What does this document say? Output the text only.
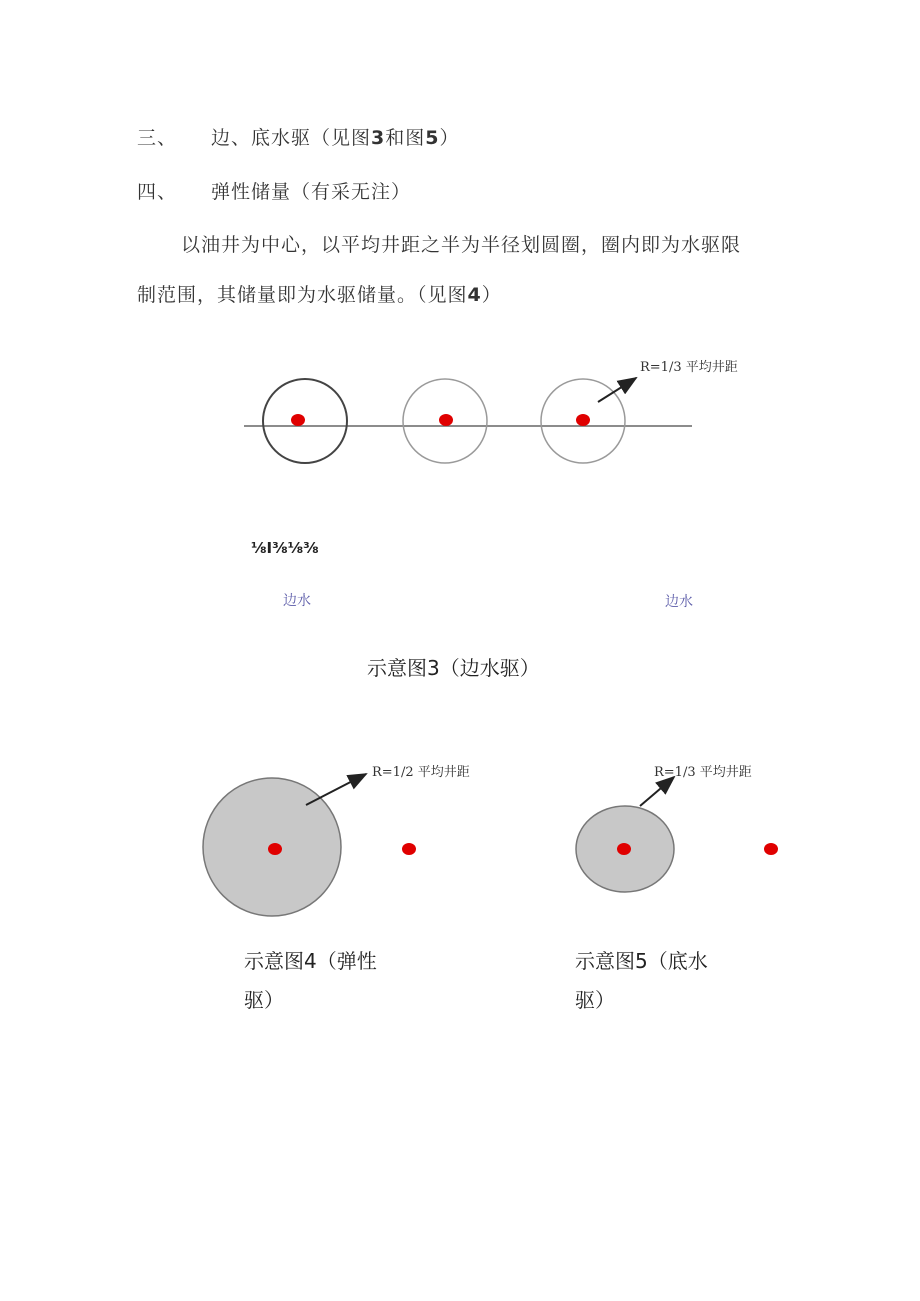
三、 边、底水驱（见图3和图5）
四、 弹性储量（有采无注）
以油井为中心，以平均井距之半为半径划圆圈，圈内即为水驱限
制范围，其储量即为水驱储量。（见图4）
R=1/3 平均井距
R=1/2 平均井距	R=1/3 平均井距
⅛Ι⅜⅛⅜
边水	边水
示意图3（边水驱）
示意图4（弹性
驱）
示意图5（底水
驱）
